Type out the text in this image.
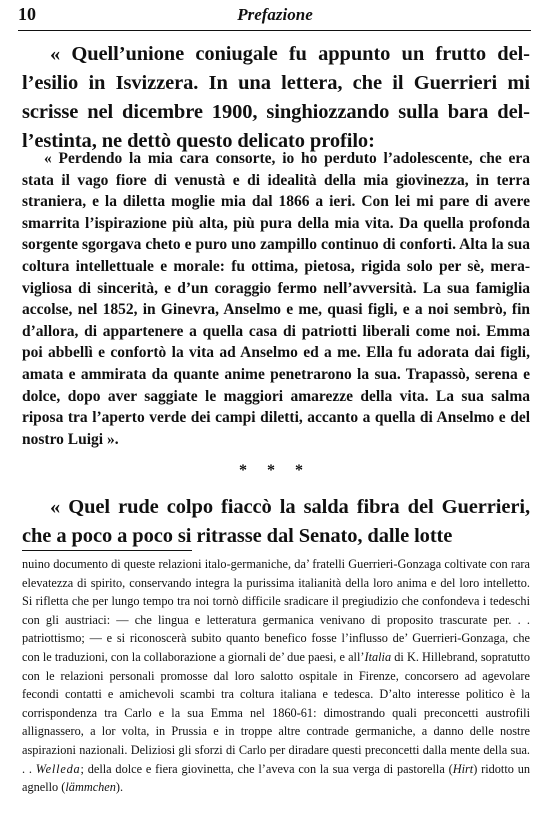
10	Prefazione

« Quell’unione coniugale fu appunto un frutto dell’esilio in Isvizzera. In una lettera, che il Guerrieri mi scrisse nel dicembre 1900, singhiozzando sulla bara dell’estinta, ne dettò questo delicato profilo:

« Perdendo la mia cara consorte, io ho perduto l’adolescente, che era stata il vago fiore di venustà e di idealità della mia giovinezza, in terra straniera, e la diletta moglie mia dal 1866 a ieri. Con lei mi pare di avere smarrita l’ispirazione più alta, più pura della mia vita. Da quella profonda sorgente sgorgava cheto e puro uno zampillo continuo di conforti. Alta la sua coltura intellettuale e morale: fu ottima, pietosa, rigida solo per sè, meravigliosa di sincerità, e d’un coraggio fermo nell’avversità. La sua famiglia accolse, nel 1852, in Ginevra, Anselmo e me, quasi figli, e a noi sembrò, fin d’allora, di appartenere a quella casa di patriotti liberali come noi. Emma poi abbellì e confortò la vita ad Anselmo ed a me. Ella fu adorata dai figli, amata e ammirata da quante anime penetrarono la sua. Trapassò, serena e dolce, dopo aver saggiate le maggiori amarezze della vita. La sua salma riposa tra l’aperto verde dei campi diletti, accanto a quella di Anselmo e del nostro Luigi ».

* * *

« Quel rude colpo fiaccò la salda fibra del Guerrieri, che a poco a poco si ritrasse dal Senato, dalle lotte

nuino documento di queste relazioni italo-germaniche, da’ fratelli Guerrieri-Gonzaga coltivate con rara elevatezza di spirito, conservando integra la purissima italianità della loro anima e del loro intelletto. Si rifletta che per lungo tempo tra noi tornò difficile sradicare il pregiudizio che confondeva i tedeschi con gli austriaci: — che lingua e letteratura germanica venivano di proposito trascurate per. . . patriottismo; — e si riconoscerà subito quanto benefico fosse l’influsso de’ Guerrieri-Gonzaga, che con le traduzioni, con la collaborazione a giornali de’ due paesi, e all’Italia di K. Hillebrand, sopratutto con le relazioni personali promosse dal loro salotto ospitale in Firenze, concorsero ad agevolare fecondi contatti e amichevoli scambi tra coltura italiana e tedesca. D’alto interesse politico è la corrispondenza tra Carlo e la sua Emma nel 1860-61: dimostrando quali preconcetti austrofili allignassero, a lor volta, in Prussia e in troppe altre contrade germaniche, a danno delle nostre aspirazioni nazionali. Deliziosi gli sforzi di Carlo per diradare questi preconcetti dalla mente della sua. . . Welleda; della dolce e fiera giovinetta, che l’aveva con la sua verga di pastorella (Hirt) ridotto un agnello (lämmchen).
